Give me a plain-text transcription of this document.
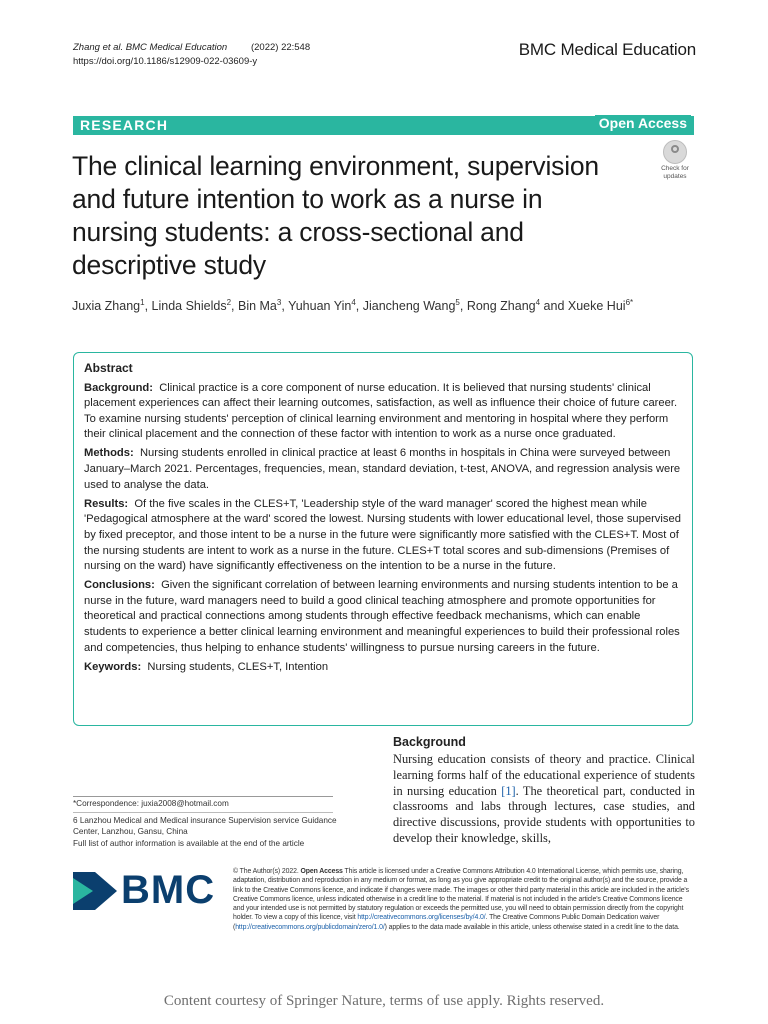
Zhang et al. BMC Medical Education	(2022) 22:548
https://doi.org/10.1186/s12909-022-03609-y
BMC Medical Education
RESEARCH	Open Access
The clinical learning environment, supervision and future intention to work as a nurse in nursing students: a cross-sectional and descriptive study
Check for
updates
Juxia Zhang$^1$, Linda Shields$^2$, Bin Ma$^3$, Yuhuan Yin$^4$, Jiancheng Wang$^5$, Rong Zhang$^4$ and Xueke Hui$^{6*}$
Abstract

Background: Clinical practice is a core component of nurse education. It is believed that nursing students' clinical placement experiences can affect their learning outcomes, satisfaction, as well as influence their choice of future career. To examine nursing students' perception of clinical learning environment and mentoring in hospital where they perform their clinical placement and the connection of these factor with intention to work as a nurse once graduated.

Methods: Nursing students enrolled in clinical practice at least 6 months in hospitals in China were surveyed between January–March 2021. Percentages, frequencies, mean, standard deviation, t-test, ANOVA, and regression analysis were used to analyse the data.

Results: Of the five scales in the CLES+T, 'Leadership style of the ward manager' scored the highest mean while 'Pedagogical atmosphere at the ward' scored the lowest. Nursing students with lower educational level, those supervised by fixed preceptor, and those intent to be a nurse in the future were significantly more satisfied with the CLES+T. Most of the nursing students are intent to work as a nurse in the future. CLES+T total scores and sub-dimensions (Premises of nursing on the ward) have significantly effectiveness on the intention to be a nurse in the future.

Conclusions: Given the significant correlation of between learning environments and nursing students intention to be a nurse in the future, ward managers need to build a good clinical teaching atmosphere and promote opportunities for theoretical and practical connections among students through effective feedback mechanisms, which can enable students to experience a better clinical learning environment and meaningful experiences to build their professional roles and competencies, thus helping to enhance students' willingness to pursue nursing careers in the future.

Keywords: Nursing students, CLES+T, Intention

Background
Nursing education consists of theory and practice. Clinical learning forms half of the educational experience of students in nursing education [1]. The theoretical part, conducted in classrooms and labs through lectures, case studies, and directive discussions, provide students with opportunities to develop their knowledge, skills,
*Correspondence: juxia2008@hotmail.com
6 Lanzhou Medical and Medical insurance Supervision service Guidance Center, Lanzhou, Gansu, China
Full list of author information is available at the end of the article
BMC	© The Author(s) 2022. Open Access This article is licensed under a Creative Commons Attribution 4.0 International License, which permits use, sharing, adaptation, distribution and reproduction in any medium or format, as long as you give appropriate credit to the original author(s) and the source, provide a link to the Creative Commons licence, and indicate if changes were made. The images or other third party material in this article are included in the article's Creative Commons licence, unless indicated otherwise in a credit line to the material. If material is not included in the article's Creative Commons licence and your intended use is not permitted by statutory regulation or exceeds the permitted use, you will need to obtain permission directly from the copyright holder. To view a copy of this licence, visit http://creativecommons.org/licenses/by/4.0/. The Creative Commons Public Domain Dedication waiver (http://creativecommons.org/publicdomain/zero/1.0/) applies to the data made available in this article, unless otherwise stated in a credit line to the data.
Content courtesy of Springer Nature, terms of use apply. Rights reserved.
